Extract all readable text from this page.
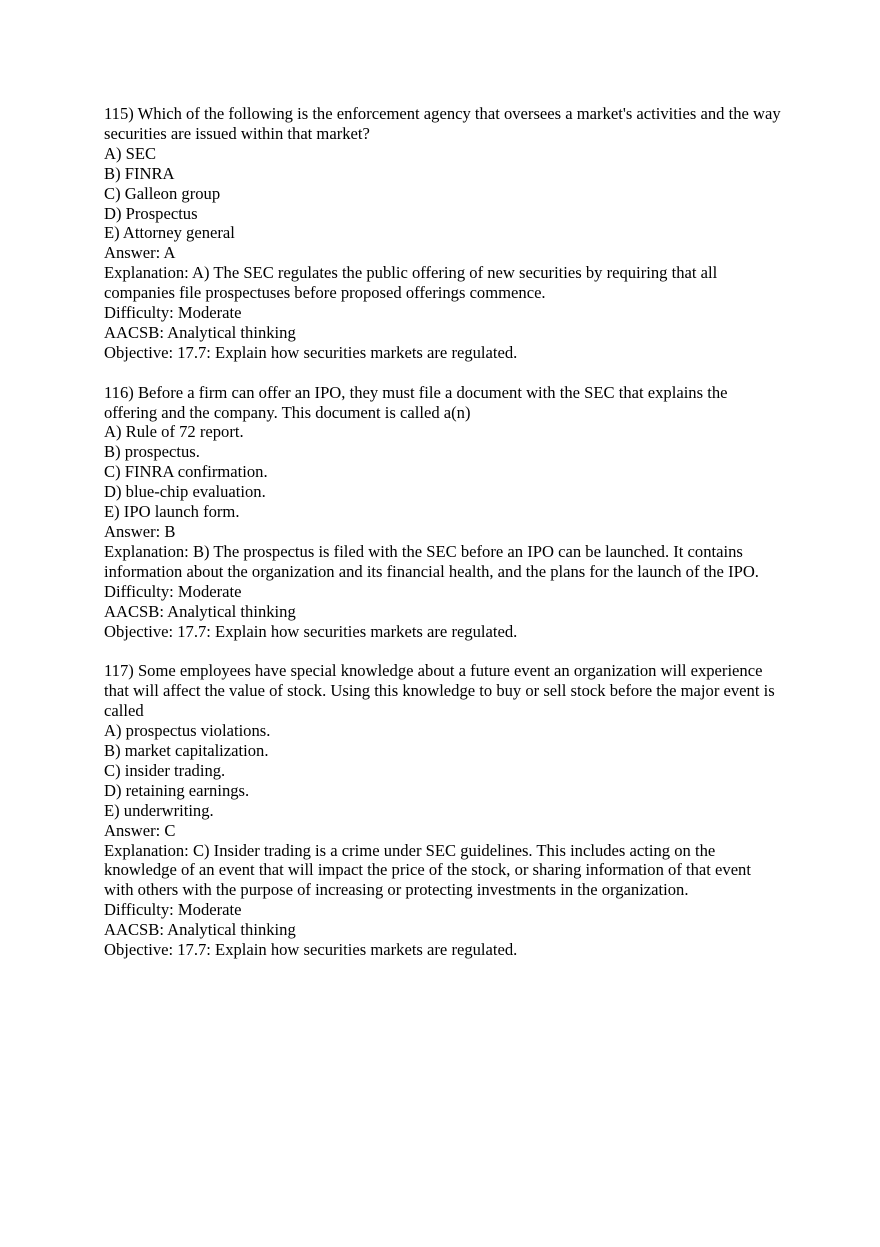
115) Which of the following is the enforcement agency that oversees a market's activities and the way securities are issued within that market?
A) SEC
B) FINRA
C) Galleon group
D) Prospectus
E) Attorney general
Answer: A
Explanation: A) The SEC regulates the public offering of new securities by requiring that all companies file prospectuses before proposed offerings commence.
Difficulty: Moderate
AACSB: Analytical thinking
Objective: 17.7: Explain how securities markets are regulated.
116) Before a firm can offer an IPO, they must file a document with the SEC that explains the offering and the company. This document is called a(n)
A) Rule of 72 report.
B) prospectus.
C) FINRA confirmation.
D) blue-chip evaluation.
E) IPO launch form.
Answer: B
Explanation: B) The prospectus is filed with the SEC before an IPO can be launched. It contains information about the organization and its financial health, and the plans for the launch of the IPO.
Difficulty: Moderate
AACSB: Analytical thinking
Objective: 17.7: Explain how securities markets are regulated.
117) Some employees have special knowledge about a future event an organization will experience that will affect the value of stock. Using this knowledge to buy or sell stock before the major event is called
A) prospectus violations.
B) market capitalization.
C) insider trading.
D) retaining earnings.
E) underwriting.
Answer: C
Explanation: C) Insider trading is a crime under SEC guidelines. This includes acting on the knowledge of an event that will impact the price of the stock, or sharing information of that event with others with the purpose of increasing or protecting investments in the organization.
Difficulty: Moderate
AACSB: Analytical thinking
Objective: 17.7: Explain how securities markets are regulated.
